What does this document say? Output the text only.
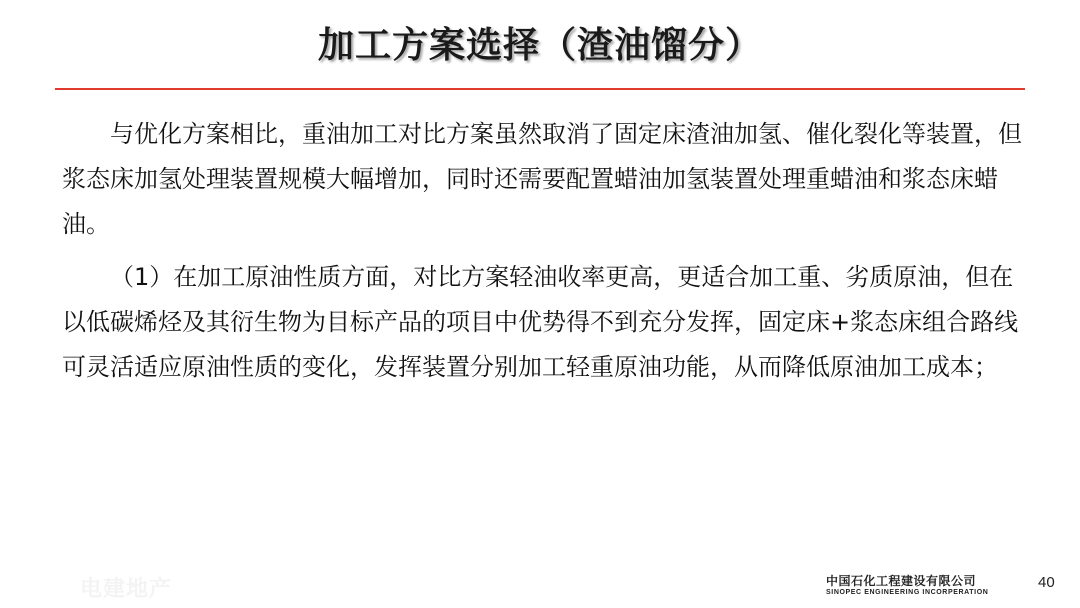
加工方案选择（渣油馏分）

与优化方案相比，重油加工对比方案虽然取消了固定床渣油加氢、催化裂化等装置，但浆态床加氢处理装置规模大幅增加，同时还需要配置蜡油加氢装置处理重蜡油和浆态床蜡油。

（1）在加工原油性质方面，对比方案轻油收率更高，更适合加工重、劣质原油，但在以低碳烯烃及其衍生物为目标产品的项目中优势得不到充分发挥，固定床+浆态床组合路线可灵活适应原油性质的变化，发挥装置分别加工轻重原油功能，从而降低原油加工成本；

电建地产	中国石化工程建设有限公司
SINOPEC ENGINEERING INCORPERATION
40
